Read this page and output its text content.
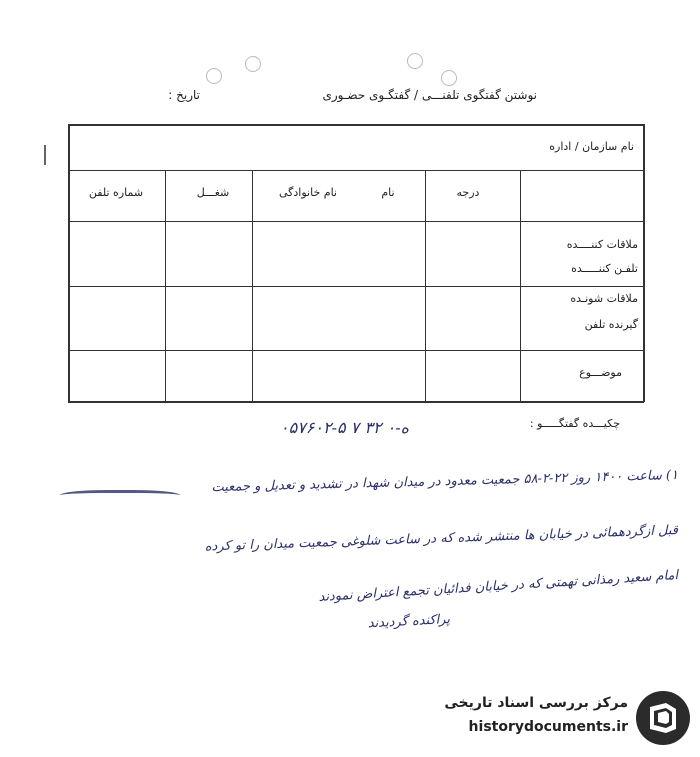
نوشتن گفتگوی تلفنـــی / گفتگـوی حضـوری
تاریخ :
نام سازمان / اداره
درجه
نام
نام خانوادگی
شغـــل
شماره تلفن
ملاقات کننــــده
تلفـن کننـــــده
ملاقات شونـده
گیرنده تلفن
موضـــوع
چکیـــده گفتگـــــو :
۰۵۷۶۰۲-ه-۰ ۳۲ ۷ ۵
۱) ساعت ۱۴۰۰ روز ۲۲-۲-۵۸ جمعیت معدود در میدان شهدا در تشدید و تعدیل و جمعیت
قبل ازگردهمائی در خیابان ها منتشر شده که در ساعت شلوغی جمعیت میدان را تو کرده
امام سعید رمذانی تهمتی که در خیابان فدائیان تجمع اعتراض نمودند
پراکنده گردیدند
مرکز بررسی اسناد تاریخی
historydocuments.ir
